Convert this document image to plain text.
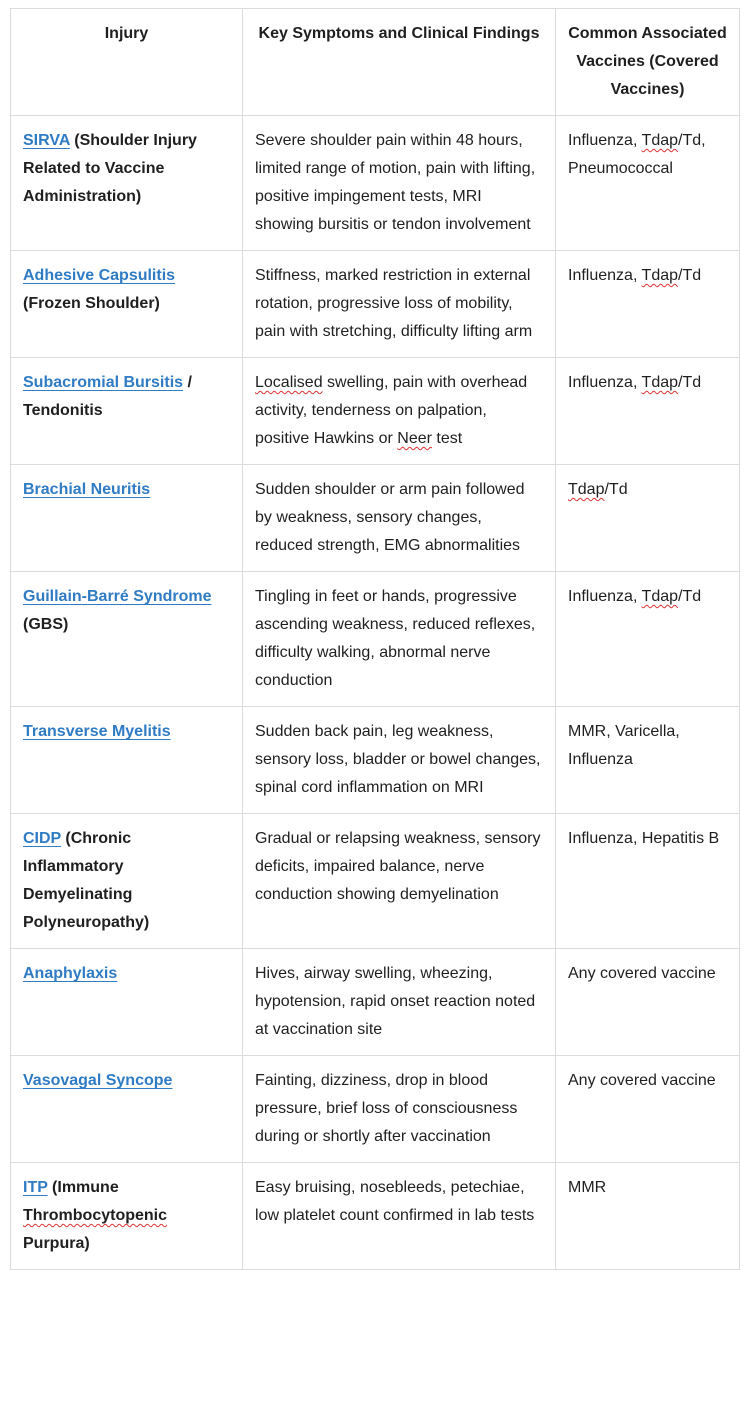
Injury	Key Symptoms and Clinical Findings	Common Associated Vaccines (Covered Vaccines)
SIRVA (Shoulder Injury Related to Vaccine Administration)	Severe shoulder pain within 48 hours, limited range of motion, pain with lifting, positive impingement tests, MRI showing bursitis or tendon involvement	Influenza, Tdap/Td, Pneumococcal
Adhesive Capsulitis (Frozen Shoulder)	Stiffness, marked restriction in external rotation, progressive loss of mobility, pain with stretching, difficulty lifting arm	Influenza, Tdap/Td
Subacromial Bursitis / Tendonitis	Localised swelling, pain with overhead activity, tenderness on palpation, positive Hawkins or Neer test	Influenza, Tdap/Td
Brachial Neuritis	Sudden shoulder or arm pain followed by weakness, sensory changes, reduced strength, EMG abnormalities	Tdap/Td
Guillain-Barré Syndrome (GBS)	Tingling in feet or hands, progressive ascending weakness, reduced reflexes, difficulty walking, abnormal nerve conduction	Influenza, Tdap/Td
Transverse Myelitis	Sudden back pain, leg weakness, sensory loss, bladder or bowel changes, spinal cord inflammation on MRI	MMR, Varicella, Influenza
CIDP (Chronic Inflammatory Demyelinating Polyneuropathy)	Gradual or relapsing weakness, sensory deficits, impaired balance, nerve conduction showing demyelination	Influenza, Hepatitis B
Anaphylaxis	Hives, airway swelling, wheezing, hypotension, rapid onset reaction noted at vaccination site	Any covered vaccine
Vasovagal Syncope	Fainting, dizziness, drop in blood pressure, brief loss of consciousness during or shortly after vaccination	Any covered vaccine
ITP (Immune Thrombocytopenic Purpura)	Easy bruising, nosebleeds, petechiae, low platelet count confirmed in lab tests	MMR
